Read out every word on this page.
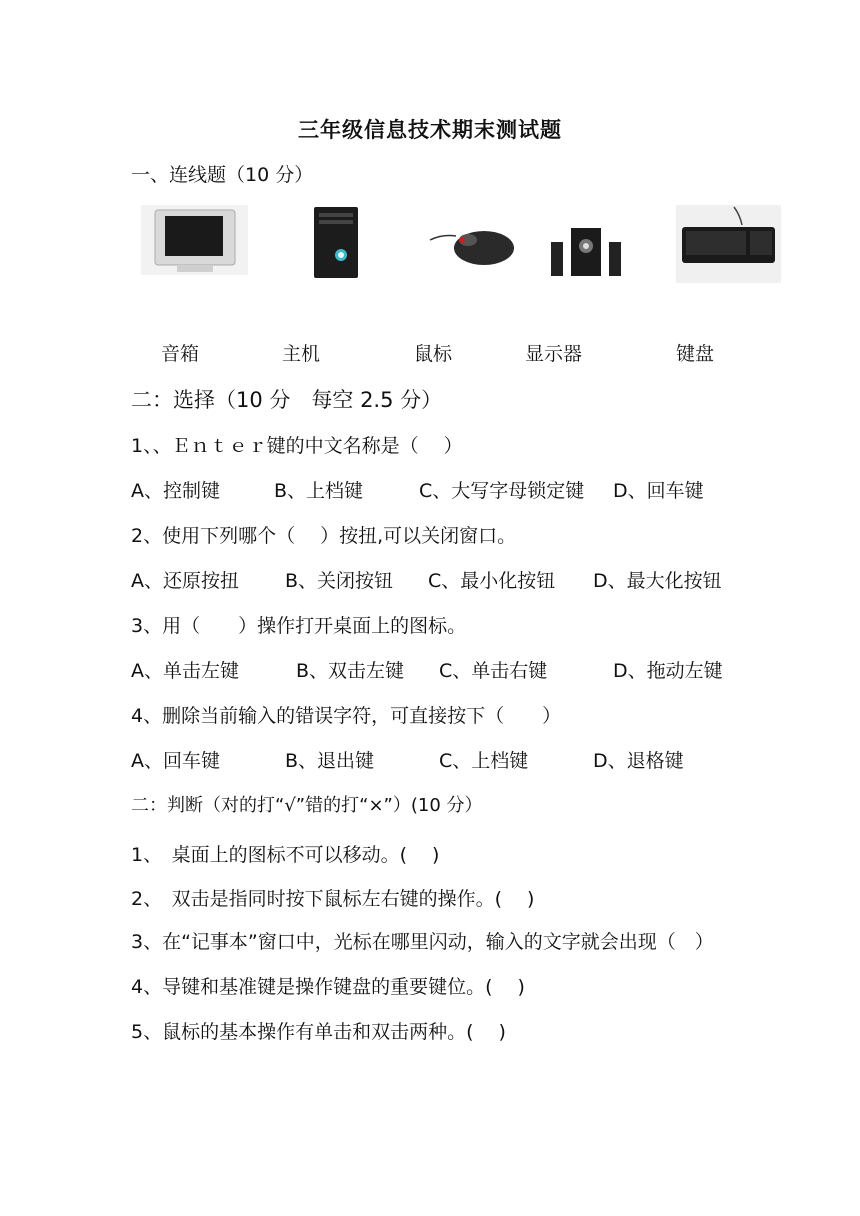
三年级信息技术期末测试题
一、连线题（10 分）
音箱	主机	鼠标	显示器	键盘
二：选择（10 分　每空 2.5 分）
1、、Ｅｎｔｅｒ键的中文名称是（　 ）
A、控制键	B、上档键	C、大写字母锁定键 D、回车键
2、使用下列哪个（　 ）按扭,可以关闭窗口。
A、还原按扭 B、关闭按钮 C、最小化按钮 D、最大化按钮
3、用（　　）操作打开桌面上的图标。
A、单击左键	B、双击左键 C、单击右键	D、拖动左键
4、删除当前输入的错误字符，可直接按下（　　）
A、回车键	B、退出键	C、上档键	D、退格键
二：判断（对的打“√”错的打“×”）(10 分）
1、　桌面上的图标不可以移动。(　 )
2、　双击是指同时按下鼠标左右键的操作。(　 )
3、在“记事本”窗口中，光标在哪里闪动，输入的文字就会出现（　）
4、导键和基准键是操作键盘的重要键位。(　 )
5、鼠标的基本操作有单击和双击两种。(　 )
